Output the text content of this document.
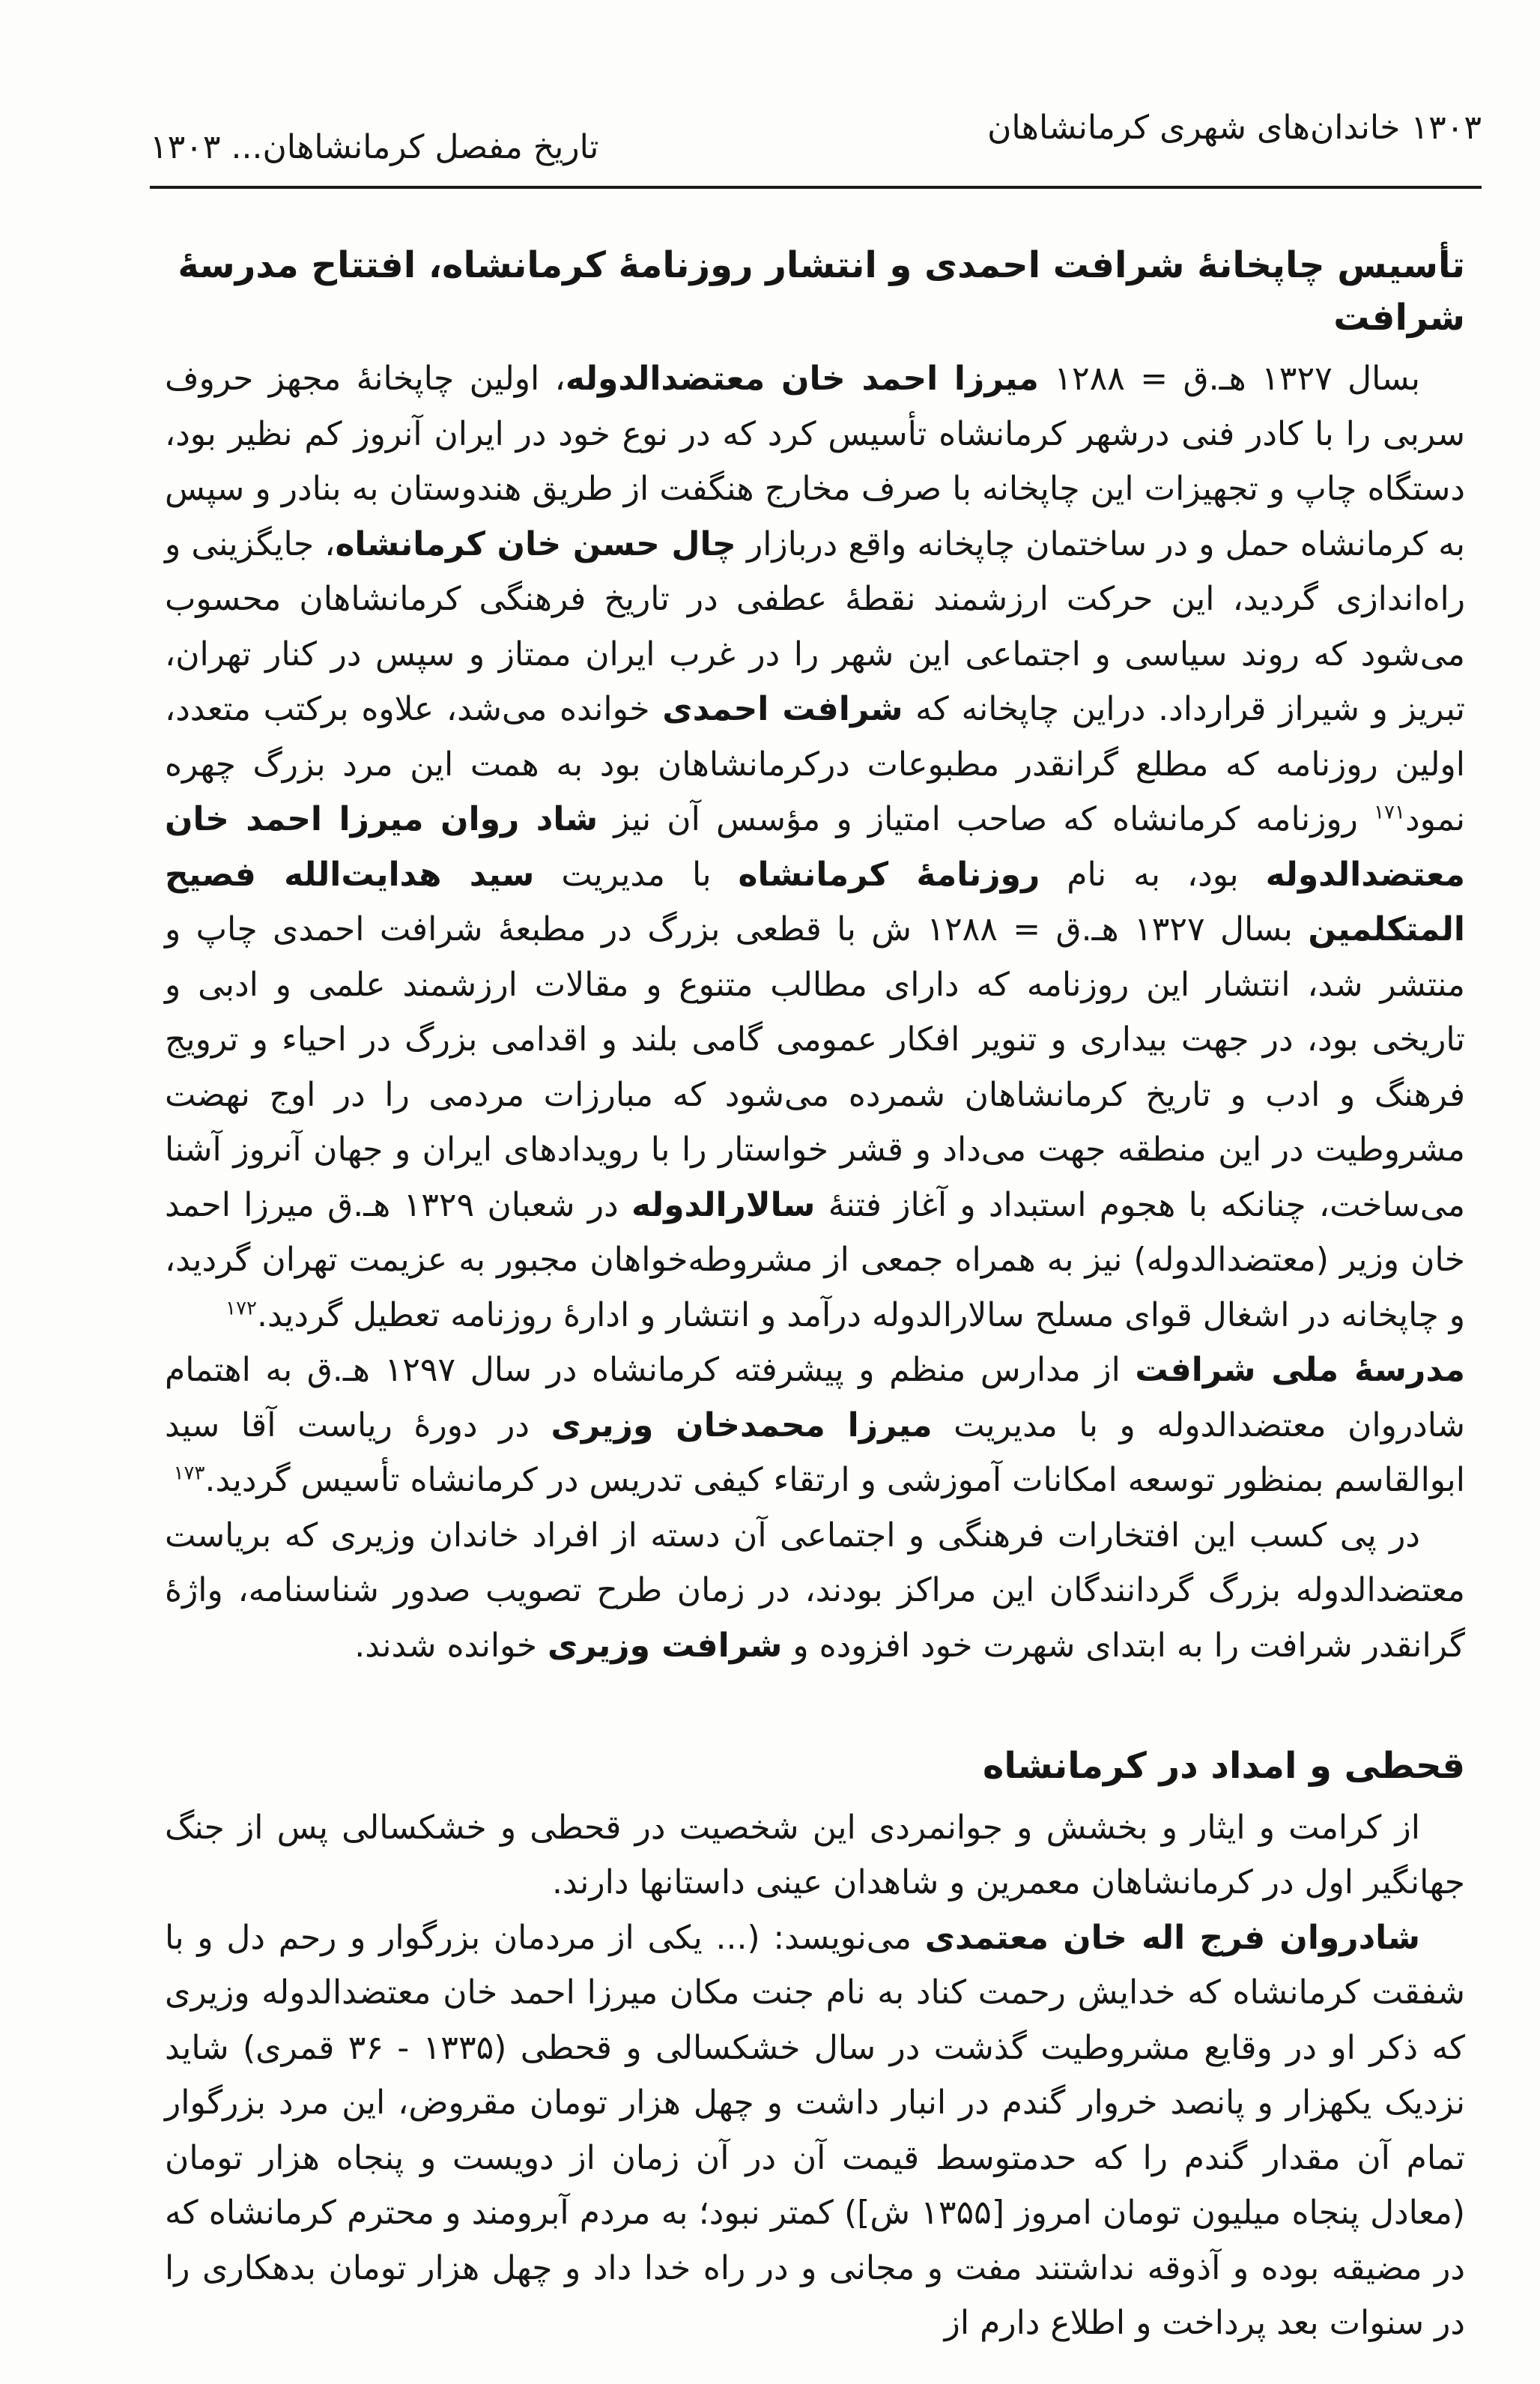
۱۳۰۳ خاندان‌های شهری کرمانشاهان
تاریخ مفصل کرمانشاهان... ۱۳۰۳
تأسیس چاپخانهٔ شرافت احمدی و انتشار روزنامهٔ کرمانشاه، افتتاح مدرسهٔ شرافت

بسال ۱۳۲۷ هـ.ق = ۱۲۸۸ میرزا احمد خان معتضدالدوله، اولین چاپخانهٔ مجهز حروف سربی را با کادر فنی درشهر کرمانشاه تأسیس کرد که در نوع خود در ایران آنروز کم نظیر بود، دستگاه چاپ و تجهیزات این چاپخانه با صرف مخارج هنگفت از طریق هندوستان به بنادر و سپس به کرمانشاه حمل و در ساختمان چاپخانه واقع دربازار چال حسن خان کرمانشاه، جایگزینی و راه‌اندازی گردید، این حرکت ارزشمند نقطهٔ عطفی در تاریخ فرهنگی کرمانشاهان محسوب می‌شود که روند سیاسی و اجتماعی این شهر را در غرب ایران ممتاز و سپس در کنار تهران، تبریز و شیراز قرارداد. دراین چاپخانه که شرافت احمدی خوانده می‌شد، علاوه برکتب متعدد، اولین روزنامه که مطلع گرانقدر مطبوعات درکرمانشاهان بود به همت این مرد بزرگ چهره نمود$^{۱۷۱}$ روزنامه کرمانشاه که صاحب امتیاز و مؤسس آن نیز شاد روان میرزا احمد خان معتضدالدوله بود، به نام روزنامهٔ کرمانشاه با مدیریت سید هدایت‌الله فصیح المتکلمین بسال ۱۳۲۷ هـ.ق = ۱۲۸۸ ش با قطعی بزرگ در مطبعهٔ شرافت احمدی چاپ و منتشر شد، انتشار این روزنامه که دارای مطالب متنوع و مقالات ارزشمند علمی و ادبی و تاریخی بود، در جهت بیداری و تنویر افکار عمومی گامی بلند و اقدامی بزرگ در احیاء و ترویج فرهنگ و ادب و تاریخ کرمانشاهان شمرده می‌شود که مبارزات مردمی را در اوج نهضت مشروطیت در این منطقه جهت می‌داد و قشر خواستار را با رویدادهای ایران و جهان آنروز آشنا می‌ساخت، چنانکه با هجوم استبداد و آغاز فتنهٔ سالارالدوله در شعبان ۱۳۲۹ هـ.ق میرزا احمد خان وزیر (معتضدالدوله) نیز به همراه جمعی از مشروطه‌خواهان مجبور به عزیمت تهران گردید، و چاپخانه در اشغال قوای مسلح سالارالدوله درآمد و انتشار و ادارهٔ روزنامه تعطیل گردید.$^{۱۷۲}$

مدرسهٔ ملی شرافت از مدارس منظم و پیشرفته کرمانشاه در سال ۱۲۹۷ هـ.ق به اهتمام شادروان معتضدالدوله و با مدیریت میرزا محمدخان وزیری در دورهٔ ریاست آقا سید ابوالقاسم بمنظور توسعه امکانات آموزشی و ارتقاء کیفی تدریس در کرمانشاه تأسیس گردید.$^{۱۷۳}$

در پی کسب این افتخارات فرهنگی و اجتماعی آن دسته از افراد خاندان وزیری که بریاست معتضدالدوله بزرگ گردانندگان این مراکز بودند، در زمان طرح تصویب صدور شناسنامه، واژهٔ گرانقدر شرافت را به ابتدای شهرت خود افزوده و شرافت وزیری خوانده شدند.

قحطی و امداد در کرمانشاه

از کرامت و ایثار و بخشش و جوانمردی این شخصیت در قحطی و خشکسالی پس از جنگ جهانگیر اول در کرمانشاهان معمرین و شاهدان عینی داستانها دارند.

شادروان فرج اله خان معتمدی می‌نویسد: (... یکی از مردمان بزرگوار و رحم دل و با شفقت کرمانشاه که خدایش رحمت کناد به نام جنت مکان میرزا احمد خان معتضدالدوله وزیری که ذکر او در وقایع مشروطیت گذشت در سال خشکسالی و قحطی (۱۳۳۵ - ۳۶ قمری) شاید نزدیک یکهزار و پانصد خروار گندم در انبار داشت و چهل هزار تومان مقروض، این مرد بزرگوار تمام آن مقدار گندم را که حدمتوسط قیمت آن در آن زمان از دویست و پنجاه هزار تومان (معادل پنجاه میلیون تومان امروز [۱۳۵۵ ش]) کمتر نبود؛ به مردم آبرومند و محترم کرمانشاه که در مضیقه بوده و آذوقه نداشتند مفت و مجانی و در راه خدا داد و چهل هزار تومان بدهکاری را در سنوات بعد پرداخت و اطلاع دارم از
